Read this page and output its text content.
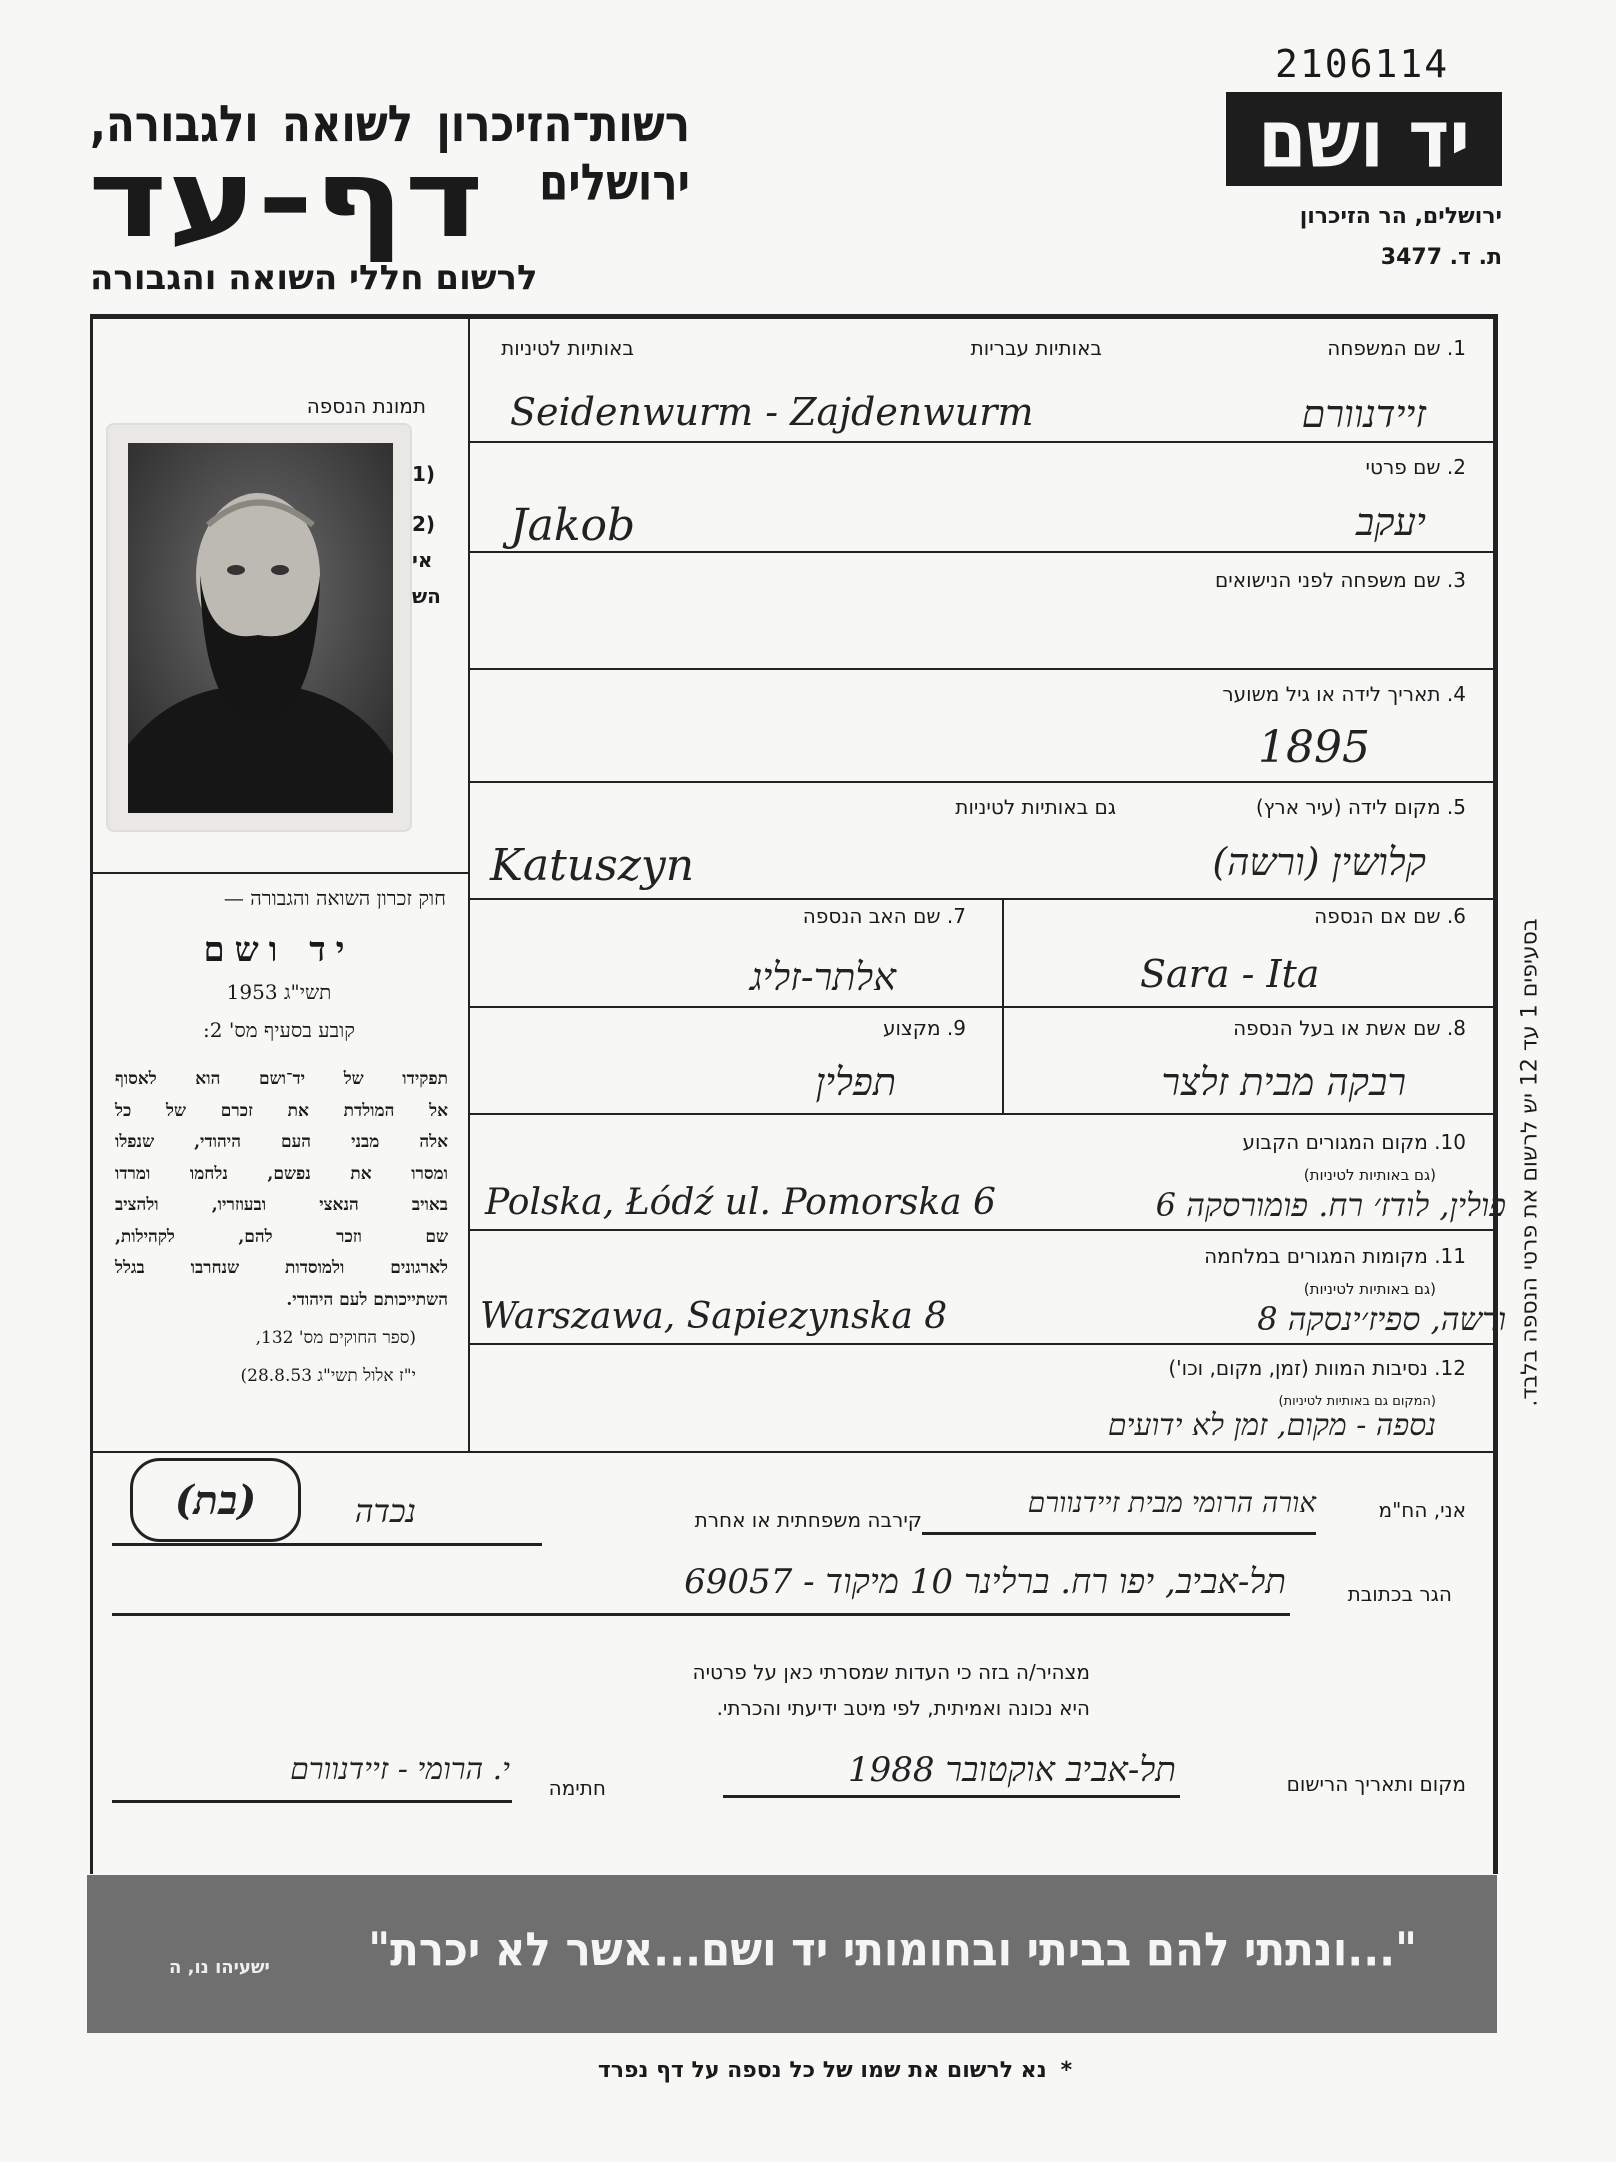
2106114
רשות־הזיכרון לשואה ולגבורה, ירושלים
דף-עד
לרשום חללי השואה והגבורה
יד ושם
ירושלים, הר הזיכרון
ת. ד. 3477
תמונת הנספה
(1
(2
אי
הש
חוק זכרון השואה והגבורה —
יד ושם
תשי"ג 1953
קובע בסעיף מס' 2:
תפקידו של יד־ושם הוא לאסוף
אל המולדת את זכרם של כל
אלה מבני העם היהודי, שנפלו
ומסרו את נפשם, נלחמו ומרדו
באויב הנאצי ובעוזריו, ולהציב
שם וזכר להם, לקהילות,
לארגונים ולמוסדות שנחרבו בגלל
השתייכותם לעם היהודי.
(ספר החוקים מס' 132,
י"ז אלול תשי"ג 28.8.53)
1. שם המשפחה
באותיות עבריות
באותיות לטיניות
Seidenwurm - Zajdenwurm	זיידנוורם
2. שם פרטי
Jakob	יעקב
3. שם משפחה לפני הנישואים
4. תאריך לידה או גיל משוער
1895
5. מקום לידה (עיר ארץ)
גם באותיות לטיניות
Katuszyn	קלושין (ורשה)
6. שם אם הנספה
Sara - Ita
7. שם האב הנספה
אלתר-זליג
8. שם אשת או בעל הנספה
רבקה מבית זלצר
9. מקצוע
תפלין
10. מקום המגורים הקבוע
(גם באותיות לטיניות)
Polska, Łódź ul. Pomorska 6	פולין, לודז׳ רח. פומורסקה 6
11. מקומות המגורים במלחמה
(גם באותיות לטיניות)
Warszawa, Sapiezynska 8	ורשה, ספיז׳ינסקה 8
12. נסיבות המוות (זמן, מקום, וכו')
(המקום גם באותיות לטיניות)
נספה - מקום, זמן לא ידועים
בסעיפים 1 עד 12 יש לרשום את פרטי הנספה בלבד.
אני, הח"מ
אורה הרומי מבית זיידנוורם
קירבה משפחתית או אחרת
נכדה
(בת)
הגר בכתובת
תל-אביב, יפו רח. ברלינר 10 מיקוד - 69057
מצהיר/ה בזה כי העדות שמסרתי כאן על פרטיה
היא נכונה ואמיתית, לפי מיטב ידיעתי והכרתי.
מקום ותאריך הרישום
תל-אביב אוקטובר 1988
חתימה
י. הרומי - זיידנוורם
"...ונתתי להם בביתי ובחומותי יד ושם...אשר לא יכרת"
ישעיהו נו, ה
*נא לרשום את שמו של כל נספה על דף נפרד
